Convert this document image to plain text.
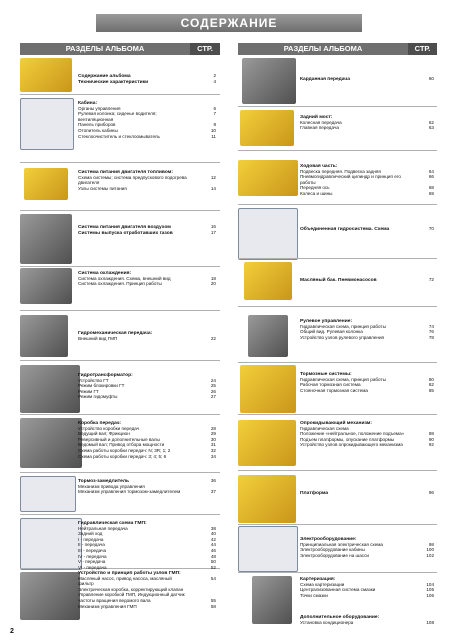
СОДЕРЖАНИЕ
РАЗДЕЛЫ АЛЬБОМА	СТР.	РАЗДЕЛЫ АЛЬБОМА	СТР.
Содержание альбома	2
Технические характеристики	4
Кабина:
Органы управления	6
Рулевая колонка; сиденье водителя;	7
вентиляционная
Панель приборов	8
Отопитель кабины	10
Стеклоочиститель и стеклоомыватель	11
Система питания двигателя топливом:
Схема системы; система предпускового подогрева	12
двигателя
Узлы системы питания	14
Система питания двигателя воздухом	16
Системы выпуска отработавших газов	17
Система охлаждения:
Система охлаждения. Схема, внешний вид	18
Система охлаждения. Принцип работы	20
Гидромеханическая передача:
Внешний вид ГМП	22
Гидротрансформатор:
Устройство ГТ	24
Режим блокировки ГТ	25
Режим ГТ	26
Режим гидомуфты	27
Коробка передач:
Устройство коробки передач	28
Ведущий вал; Фрикцион	29
Реверсивный и дополнительные валы	30
Ведомый вал; Привод отбора мощности	31
Схема работы коробки передач: N; 3R; 1; 2	32
Схема работы коробки передач: 3; 4; 5; 6	34
Тормоз-замедлитель	36
Механизм привода управления
Механизм управления тормозом-замедлителем	37
Гидравлическая схема ГМП:
Нейтральная передача	38
Задний ход	40
I - передача	42
II - передача	44
III - передача	46
IV - передача	48
V - передача	50
VI - передача	52
Устройство и принцип работы узлов ГМП:
Масляный насос, привод насоса, масляный	54
фильтр
Электрическая коробка, корректирующий клапан
Управление коробкой ГМП, Индукционный датчик
частоты вращения ведомого вала	55
Механизм управления ГМП	58
Карданная передача	60
Задний мост:
Колесная передача	62
Главная передача	63
Ходовая часть:
Подвеска передняя. Подвеска задняя	64
Пневмогидравлический цилиндр и принцип его	66
работы
Передняя ось	68
Колеса и шины	69
Объединенная гидросистема. Схема	70
Масляный бак. Пневмонасосов	72
Рулевое управление:
Гидравлическая схема, принцип работы	74
Общий вид. Рулевая колонка	76
Устройство узлов рулевого управления	78
Тормозные системы:
Гидравлическая схема, принцип работы	80
Рабочая тормозная система	82
Стояночная тормозная система	85
Опрокидывающий механизм:
Гидравлическая схема
Положение «нейтральное, положение подъема»	88
Подъем платформы, опускание платформы	90
Устройство узлов опрокидывающего механизма	92
Платформа	96
Электрооборудование:
Принципиальная электрическая схема	98
Электрооборудование кабины	100
Электрооборудование на шасси	102
Картеризация:
Схема картеризации	104
Централизованная система смазки	105
Точки смазки	106
Дополнительное оборудование:
Установка кондиционера	108
2
